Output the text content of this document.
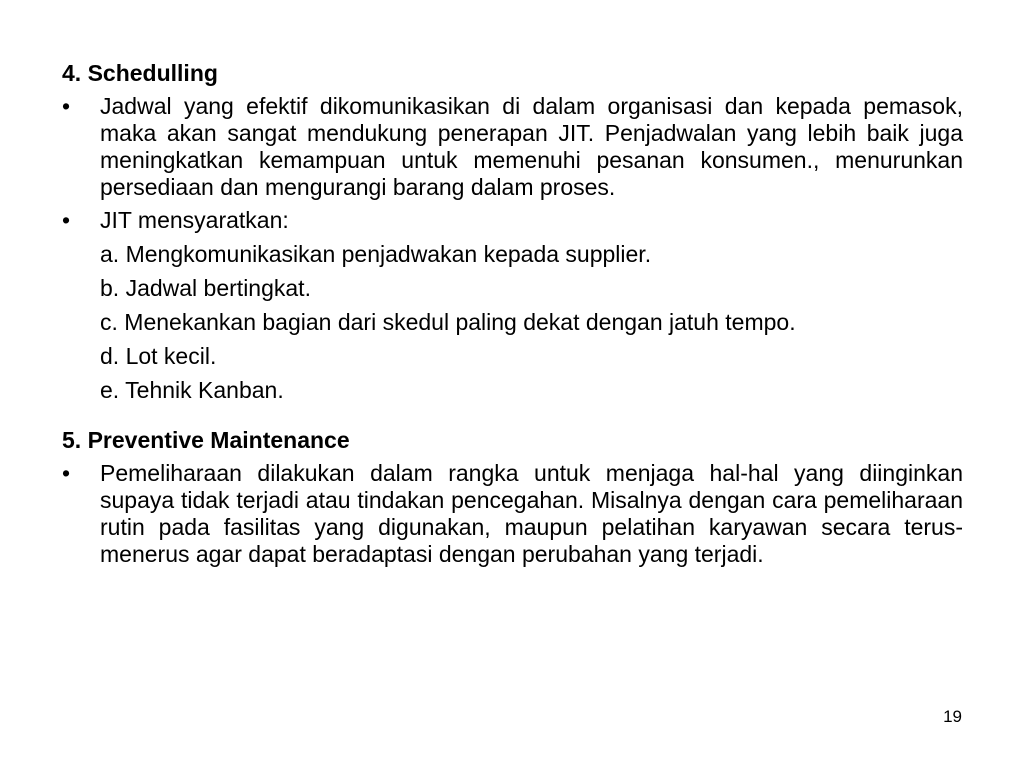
4. Schedulling
•	Jadwal yang efektif dikomunikasikan di dalam organisasi dan kepada pemasok, maka akan sangat mendukung penerapan JIT. Penjadwalan yang lebih baik juga meningkatkan kemampuan untuk memenuhi pesanan konsumen., menurunkan persediaan dan mengurangi barang dalam proses.
•	JIT mensyaratkan:
a. Mengkomunikasikan penjadwakan kepada supplier.
b. Jadwal bertingkat.
c. Menekankan bagian dari skedul paling dekat dengan jatuh tempo.
d. Lot kecil.
e. Tehnik Kanban.
5. Preventive Maintenance
•	Pemeliharaan dilakukan dalam rangka untuk menjaga hal-hal yang diinginkan supaya tidak terjadi atau tindakan pencegahan. Misalnya dengan cara pemeliharaan rutin pada fasilitas yang digunakan, maupun pelatihan karyawan secara terus-menerus agar dapat beradaptasi dengan perubahan yang terjadi.
19
